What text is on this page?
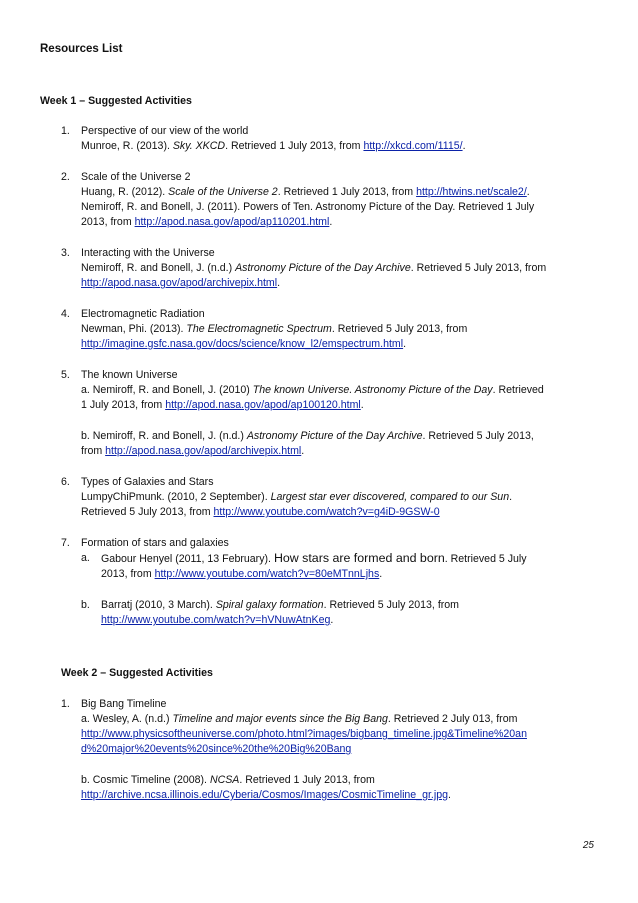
Resources List
Week 1 – Suggested Activities
1. Perspective of our view of the world
Munroe, R. (2013). Sky. XKCD. Retrieved 1 July 2013, from http://xkcd.com/1115/.
2. Scale of the Universe 2
Huang, R. (2012). Scale of the Universe 2. Retrieved 1 July 2013, from http://htwins.net/scale2/.
Nemiroff, R. and Bonell, J. (2011). Powers of Ten. Astronomy Picture of the Day. Retrieved 1 July
2013, from http://apod.nasa.gov/apod/ap110201.html.
3. Interacting with the Universe
Nemiroff, R. and Bonell, J. (n.d.) Astronomy Picture of the Day Archive. Retrieved 5 July 2013, from
http://apod.nasa.gov/apod/archivepix.html.
4. Electromagnetic Radiation
Newman, Phi. (2013). The Electromagnetic Spectrum. Retrieved 5 July 2013, from
http://imagine.gsfc.nasa.gov/docs/science/know_l2/emspectrum.html.
5. The known Universe
a. Nemiroff, R. and Bonell, J. (2010) The known Universe. Astronomy Picture of the Day. Retrieved
1 July 2013, from http://apod.nasa.gov/apod/ap100120.html.
b. Nemiroff, R. and Bonell, J. (n.d.) Astronomy Picture of the Day Archive. Retrieved 5 July 2013,
from http://apod.nasa.gov/apod/archivepix.html.
6. Types of Galaxies and Stars
LumpyChiPmunk. (2010, 2 September). Largest star ever discovered, compared to our Sun.
Retrieved 5 July 2013, from http://www.youtube.com/watch?v=g4iD-9GSW-0
7. Formation of stars and galaxies
a. Gabour Henyel (2011, 13 February). How stars are formed and born. Retrieved 5 July
2013, from http://www.youtube.com/watch?v=80eMTnnLjhs.
b. Barratj (2010, 3 March). Spiral galaxy formation. Retrieved 5 July 2013, from
http://www.youtube.com/watch?v=hVNuwAtnKeg.
Week 2 – Suggested Activities
1. Big Bang Timeline
a. Wesley, A. (n.d.) Timeline and major events since the Big Bang. Retrieved 2 July 013, from
http://www.physicsoftheuniverse.com/photo.html?images/bigbang_timeline.jpg&Timeline%20an
d%20major%20events%20since%20the%20Big%20Bang
b. Cosmic Timeline (2008). NCSA. Retrieved 1 July 2013, from
http://archive.ncsa.illinois.edu/Cyberia/Cosmos/Images/CosmicTimeline_gr.jpg.
25
